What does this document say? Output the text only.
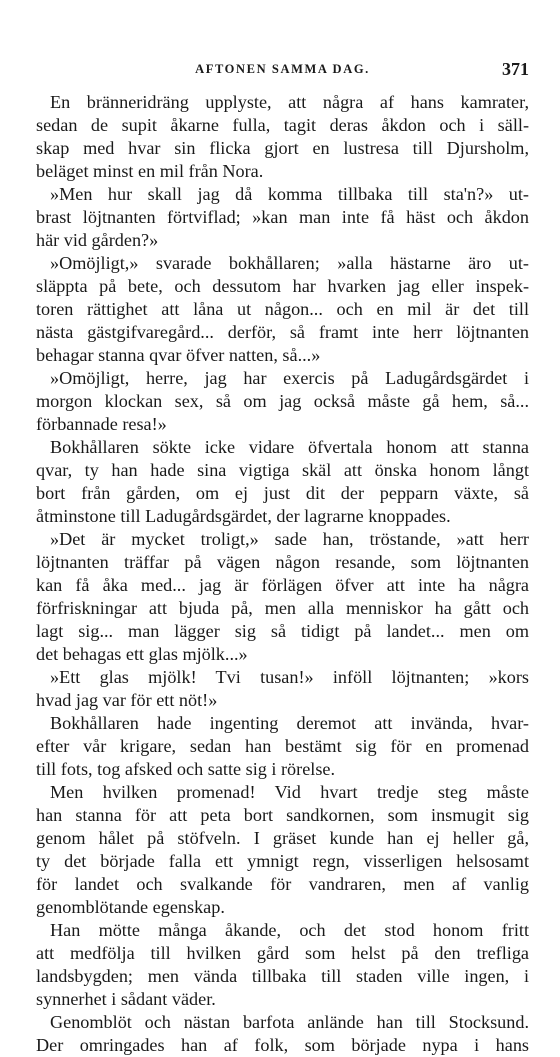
AFTONEN SAMMA DAG.	371
En bränneridräng upplyste, att några af hans kamrater,
sedan de supit åkarne fulla, tagit deras åkdon och i säll-
skap med hvar sin flicka gjort en lustresa till Djursholm,
beläget minst en mil från Nora.
»Men hur skall jag då komma tillbaka till sta'n?» ut-
brast löjtnanten förtviflad; »kan man inte få häst och åkdon
här vid gården?»
»Omöjligt,» svarade bokhållaren; »alla hästarne äro ut-
släppta på bete, och dessutom har hvarken jag eller inspek-
toren rättighet att låna ut någon... och en mil är det till
nästa gästgifvaregård... derför, så framt inte herr löjtnanten
behagar stanna qvar öfver natten, så...»
»Omöjligt, herre, jag har exercis på Ladugårdsgärdet i
morgon klockan sex, så om jag också måste gå hem, så...
förbannade resa!»
Bokhållaren sökte icke vidare öfvertala honom att stanna
qvar, ty han hade sina vigtiga skäl att önska honom långt
bort från gården, om ej just dit der pepparn växte, så
åtminstone till Ladugårdsgärdet, der lagrarne knoppades.
»Det är mycket troligt,» sade han, tröstande, »att herr
löjtnanten träffar på vägen någon resande, som löjtnanten
kan få åka med... jag är förlägen öfver att inte ha några
förfriskningar att bjuda på, men alla menniskor ha gått och
lagt sig... man lägger sig så tidigt på landet... men om
det behagas ett glas mjölk...»
»Ett glas mjölk! Tvi tusan!» inföll löjtnanten; »kors
hvad jag var för ett nöt!»
Bokhållaren hade ingenting deremot att invända, hvar-
efter vår krigare, sedan han bestämt sig för en promenad
till fots, tog afsked och satte sig i rörelse.
Men hvilken promenad! Vid hvart tredje steg måste
han stanna för att peta bort sandkornen, som insmugit sig
genom hålet på stöfveln. I gräset kunde han ej heller gå,
ty det började falla ett ymnigt regn, visserligen helsosamt
för landet och svalkande för vandraren, men af vanlig
genomblötande egenskap.
Han mötte många åkande, och det stod honom fritt
att medfölja till hvilken gård som helst på den trefliga
landsbygden; men vända tillbaka till staden ville ingen, i
synnerhet i sådant väder.
Genomblöt och nästan barfota anlände han till Stocksund.
Der omringades han af folk, som började nypa i hans
